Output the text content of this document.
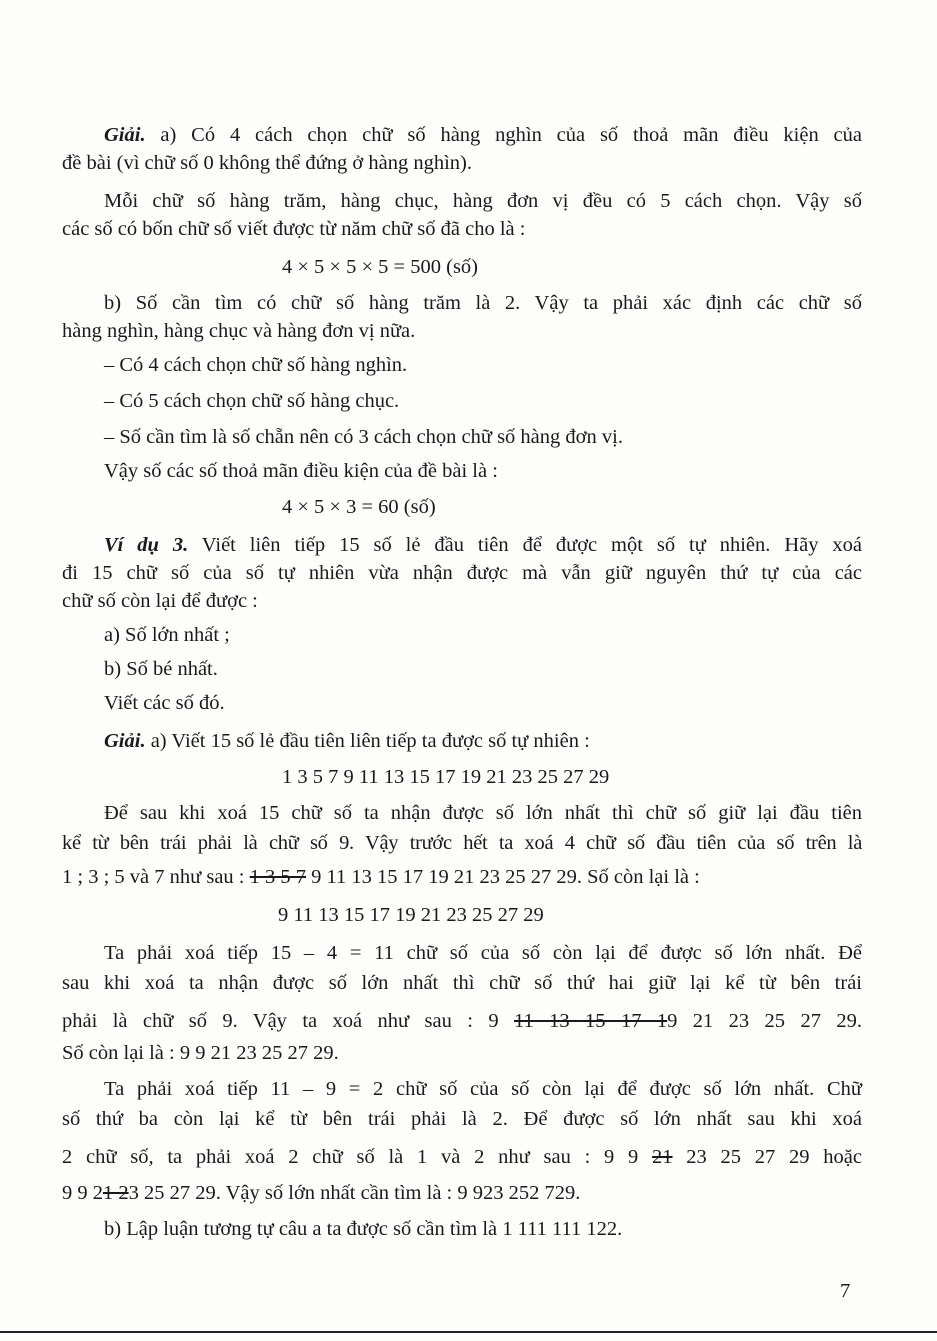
Giải. a) Có 4 cách chọn chữ số hàng nghìn của số thoả mãn điều kiện của
đề bài (vì chữ số 0 không thể đứng ở hàng nghìn).
Mỗi chữ số hàng trăm, hàng chục, hàng đơn vị đều có 5 cách chọn. Vậy số
các số có bốn chữ số viết được từ năm chữ số đã cho là :
4 × 5 × 5 × 5 = 500 (số)
b) Số cần tìm có chữ số hàng trăm là 2. Vậy ta phải xác định các chữ số
hàng nghìn, hàng chục và hàng đơn vị nữa.
– Có 4 cách chọn chữ số hàng nghìn.
– Có 5 cách chọn chữ số hàng chục.
– Số cần tìm là số chẵn nên có 3 cách chọn chữ số hàng đơn vị.
Vậy số các số thoả mãn điều kiện của đề bài là :
4 × 5 × 3 = 60 (số)
Ví dụ 3. Viết liên tiếp 15 số lẻ đầu tiên để được một số tự nhiên. Hãy xoá
đi 15 chữ số của số tự nhiên vừa nhận được mà vẫn giữ nguyên thứ tự của các
chữ số còn lại để được :
a) Số lớn nhất ;
b) Số bé nhất.
Viết các số đó.
Giải. a) Viết 15 số lẻ đầu tiên liên tiếp ta được số tự nhiên :
1 3 5 7 9 11 13 15 17 19 21 23 25 27 29
Để sau khi xoá 15 chữ số ta nhận được số lớn nhất thì chữ số giữ lại đầu tiên
kể từ bên trái phải là chữ số 9. Vậy trước hết ta xoá 4 chữ số đầu tiên của số trên là
1 ; 3 ; 5 và 7 như sau : 1 3 5 7 9 11 13 15 17 19 21 23 25 27 29. Số còn lại là :
9 11 13 15 17 19 21 23 25 27 29
Ta phải xoá tiếp 15 – 4 = 11 chữ số của số còn lại để được số lớn nhất. Để
sau khi xoá ta nhận được số lớn nhất thì chữ số thứ hai giữ lại kể từ bên trái
phải là chữ số 9. Vậy ta xoá như sau : 9 11 13 15 17 19 21 23 25 27 29.
Số còn lại là : 9 9 21 23 25 27 29.
Ta phải xoá tiếp 11 – 9 = 2 chữ số của số còn lại để được số lớn nhất. Chữ
số thứ ba còn lại kể từ bên trái phải là 2. Để được số lớn nhất sau khi xoá
2 chữ số, ta phải xoá 2 chữ số là 1 và 2 như sau : 9 9 21 23 25 27 29 hoặc
9 9 21 23 25 27 29. Vậy số lớn nhất cần tìm là : 9 923 252 729.
b) Lập luận tương tự câu a ta được số cần tìm là 1 111 111 122.
7
